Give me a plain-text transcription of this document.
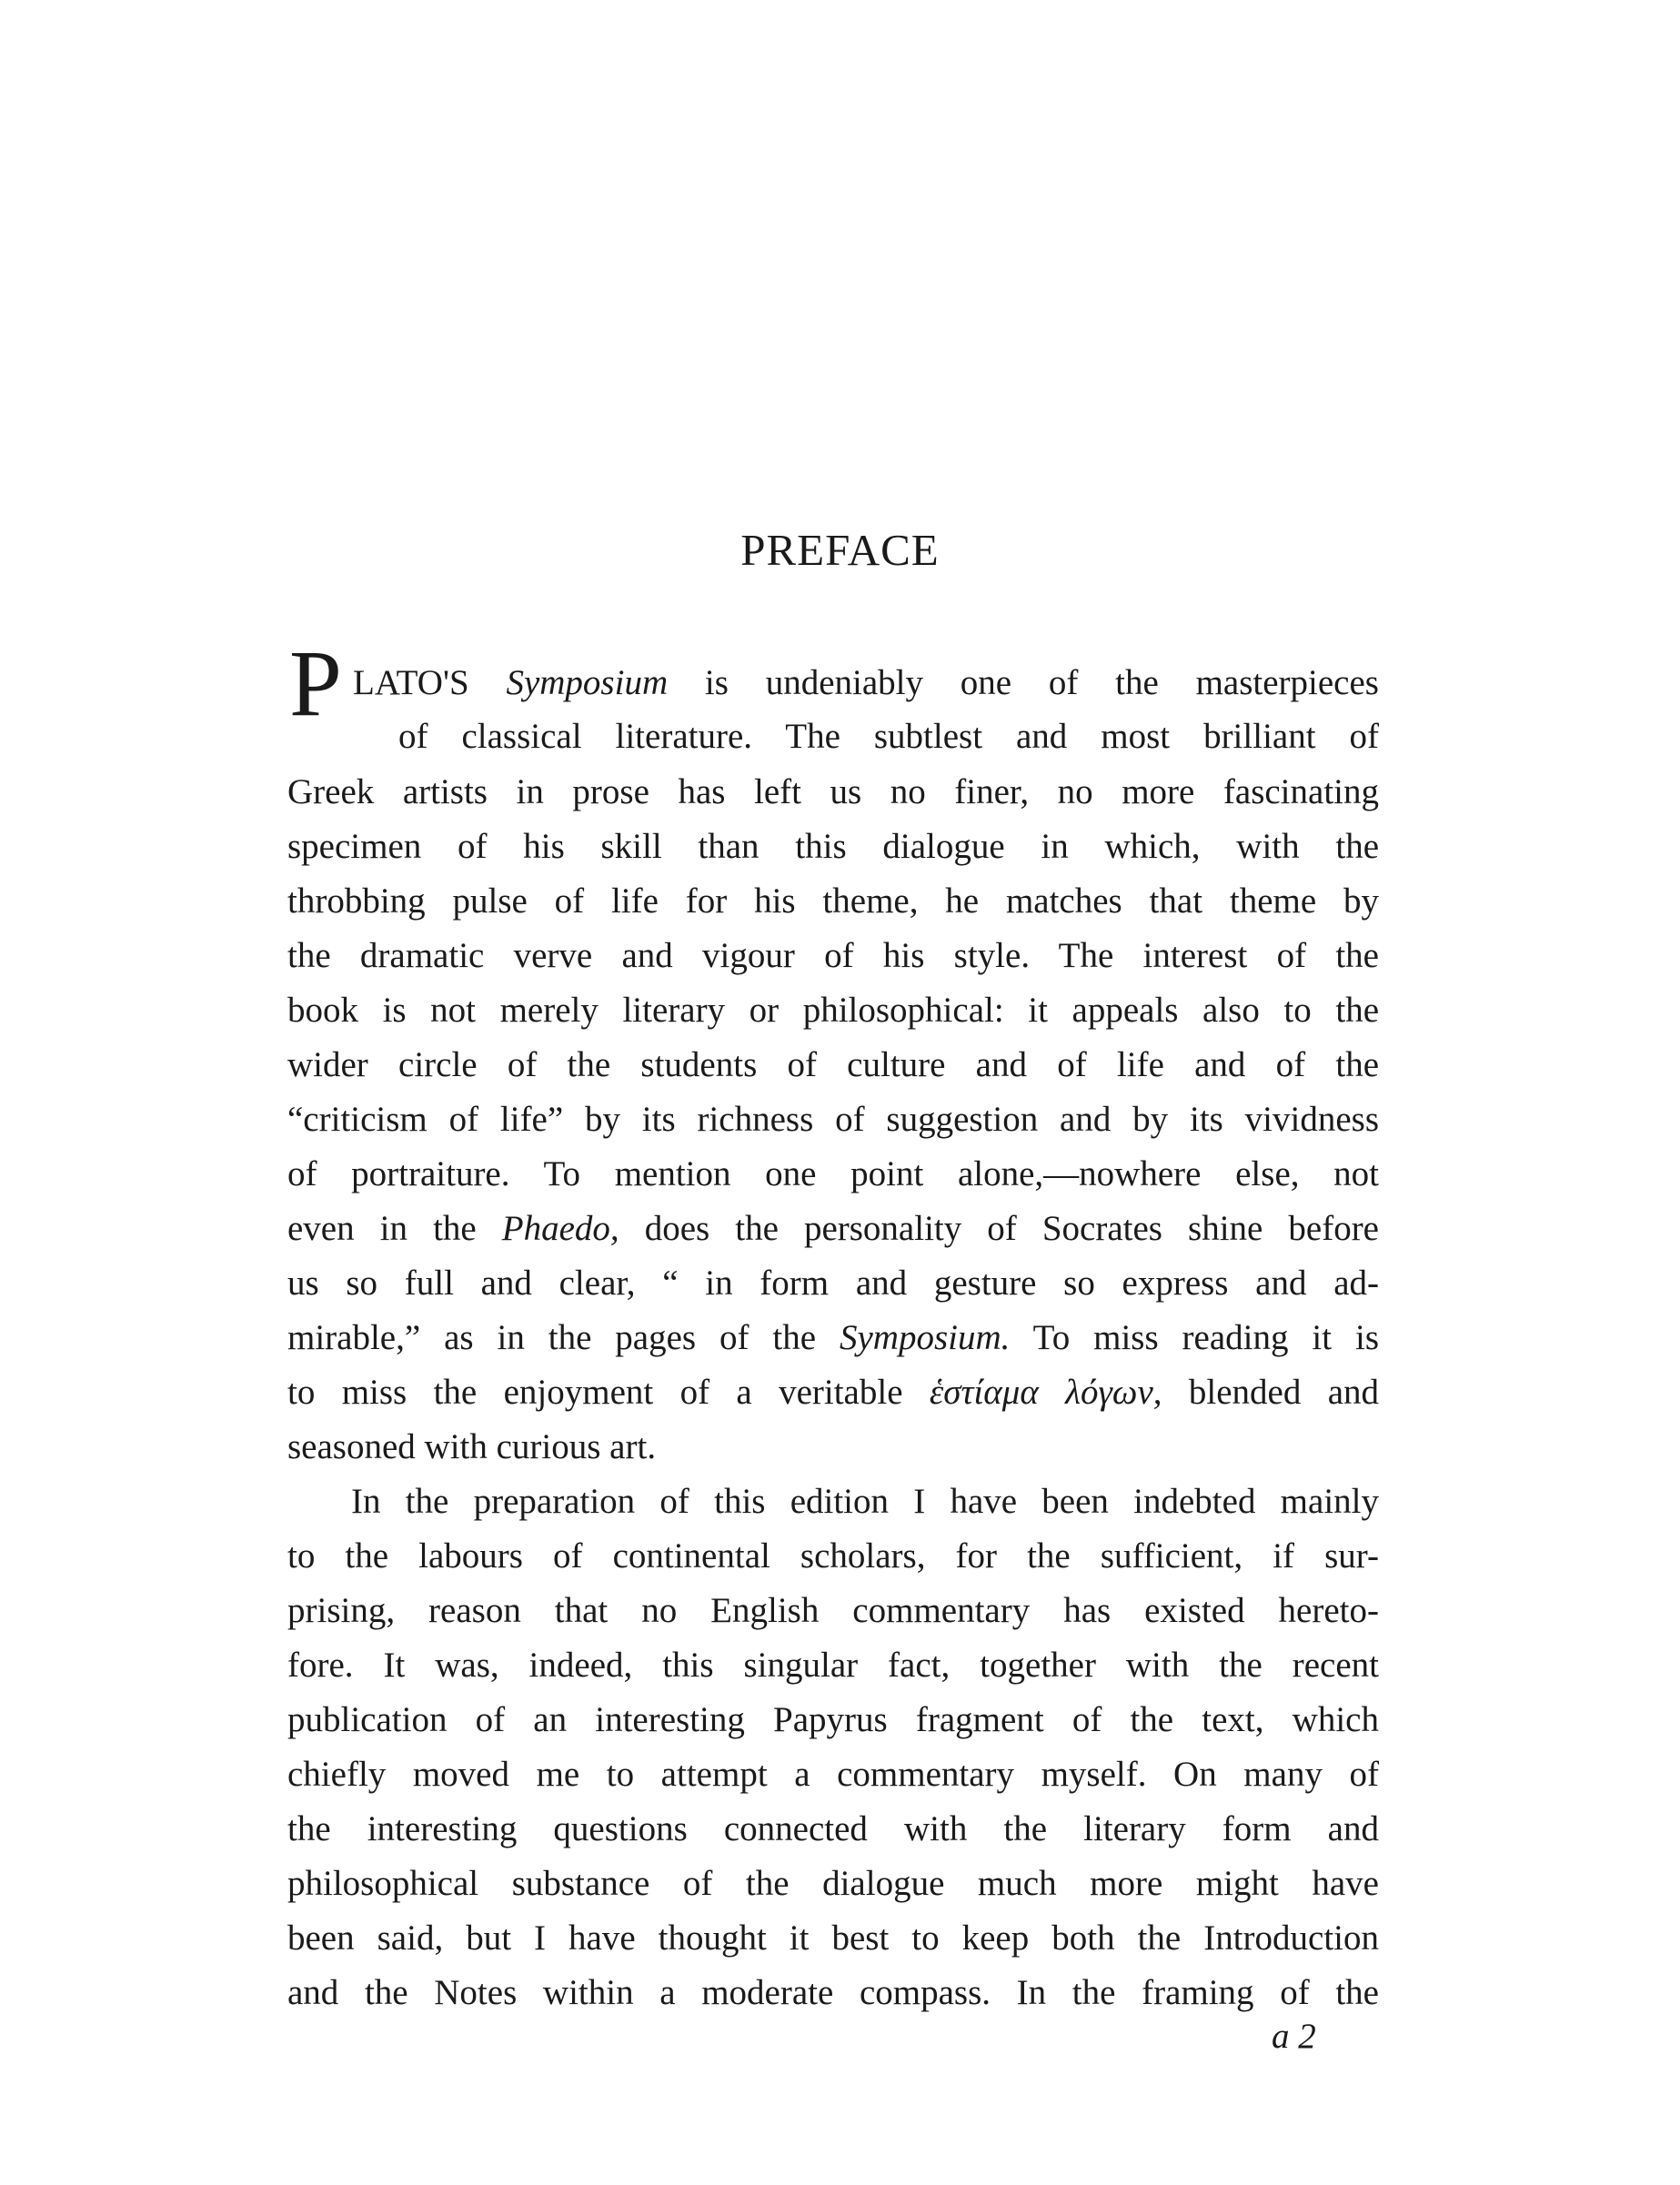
PREFACE
P LATO'S Symposium is undeniably one of the masterpieces
of classical literature. The subtlest and most brilliant of
Greek artists in prose has left us no finer, no more fascinating
specimen of his skill than this dialogue in which, with the
throbbing pulse of life for his theme, he matches that theme by
the dramatic verve and vigour of his style. The interest of the
book is not merely literary or philosophical: it appeals also to the
wider circle of the students of culture and of life and of the
“criticism of life” by its richness of suggestion and by its vividness
of portraiture. To mention one point alone,—nowhere else, not
even in the Phaedo, does the personality of Socrates shine before
us so full and clear, “ in form and gesture so express and ad-
mirable,” as in the pages of the Symposium. To miss reading it is
to miss the enjoyment of a veritable ἑστίαμα λόγων, blended and
seasoned with curious art.
In the preparation of this edition I have been indebted mainly
to the labours of continental scholars, for the sufficient, if sur-
prising, reason that no English commentary has existed hereto-
fore. It was, indeed, this singular fact, together with the recent
publication of an interesting Papyrus fragment of the text, which
chiefly moved me to attempt a commentary myself. On many of
the interesting questions connected with the literary form and
philosophical substance of the dialogue much more might have
been said, but I have thought it best to keep both the Introduction
and the Notes within a moderate compass. In the framing of the
a 2
